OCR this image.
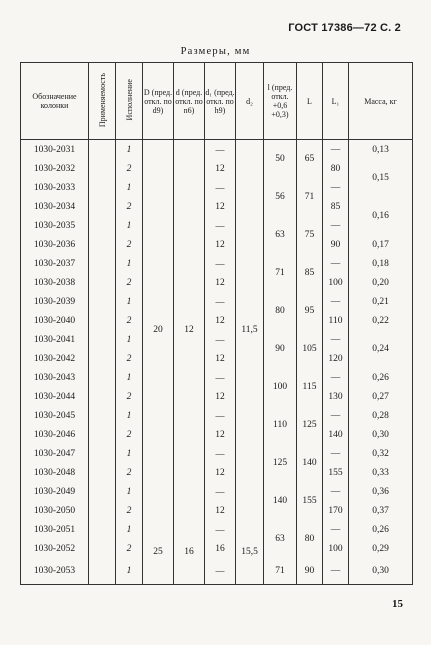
ГОСТ 17386—72 С. 2
Размеры, мм
Обозначение колонки	Применяемость	Исполнение	D (пред. откл. по d9)	d (пред. откл. по n6)	d₁ (пред. откл. по h9)	d₂	l (пред. откл. +0,6 +0,3)	L	L₁	Масса, кг
1030-2031		1	20	12	—	11,5	50	65	—	0,13
1030-2032		2			12				80	0,15
1030-2033		1			—		56	71	—	
1030-2034		2			12				85	0,16
1030-2035		1			—		63	75	—	
1030-2036		2			12				90	0,17
1030-2037		1			—		71	85	—	0,18
1030-2038		2			12				100	0,20
1030-2039		1			—		80	95	—	0,21
1030-2040		2			12				110	0,22
1030-2041		1			—		90	105	—	0,24
1030-2042		2			12				120	
1030-2043		1			—		100	115	—	0,26
1030-2044		2			12				130	0,27
1030-2045		1			—		110	125	—	0,28
1030-2046		2			12				140	0,30
1030-2047		1			—		125	140	—	0,32
1030-2048		2			12				155	0,33
1030-2049		1			—		140	155	—	0,36
1030-2050		2			12				170	0,37
1030-2051		1	25	16	—	15,5	63	80	—	0,26
1030-2052		2			16				100	0,29
1030-2053		1			—		71	90	—	0,30
15
